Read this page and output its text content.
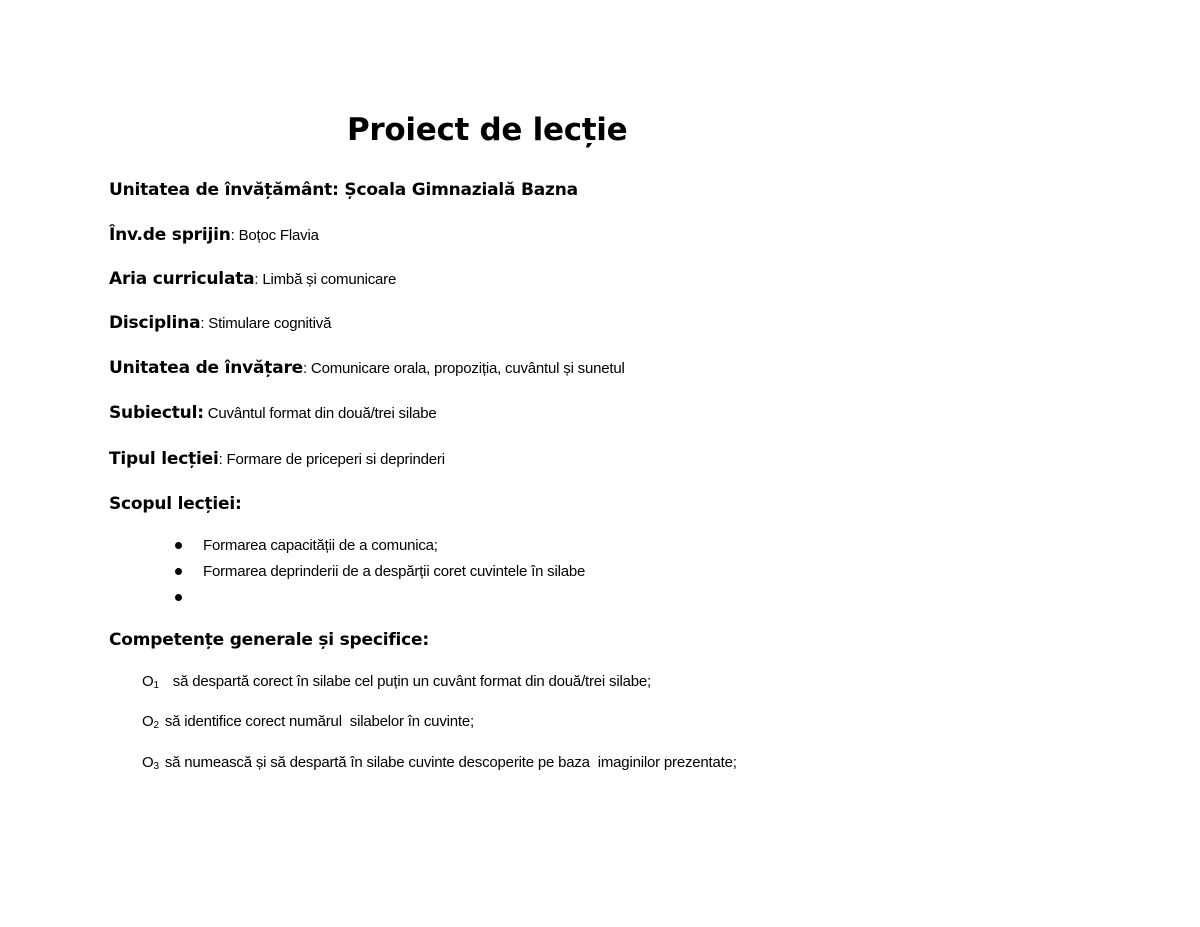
Proiect de lecție
Unitatea de învățământ: Școala Gimnazială Bazna
Înv.de sprijin: Boțoc Flavia
Aria curriculata: Limbă și comunicare
Disciplina: Stimulare cognitivă
Unitatea de învățare: Comunicare orala, propoziția, cuvântul și sunetul
Subiectul: Cuvântul format din două/trei silabe
Tipul lecției: Formare de priceperi si deprinderi
Scopul lecției:
Formarea capacității de a comunica;
Formarea deprinderii de a despărții coret cuvintele în silabe
Competențe generale și specifice:
$O_1$  să despartă corect în silabe cel puțin un cuvânt format din două/trei silabe;
$O_2$ să identifice corect numărul  silabelor în cuvinte;
$O_3$ să numească și să despartă în silabe cuvinte descoperite pe baza  imaginilor prezentate;
